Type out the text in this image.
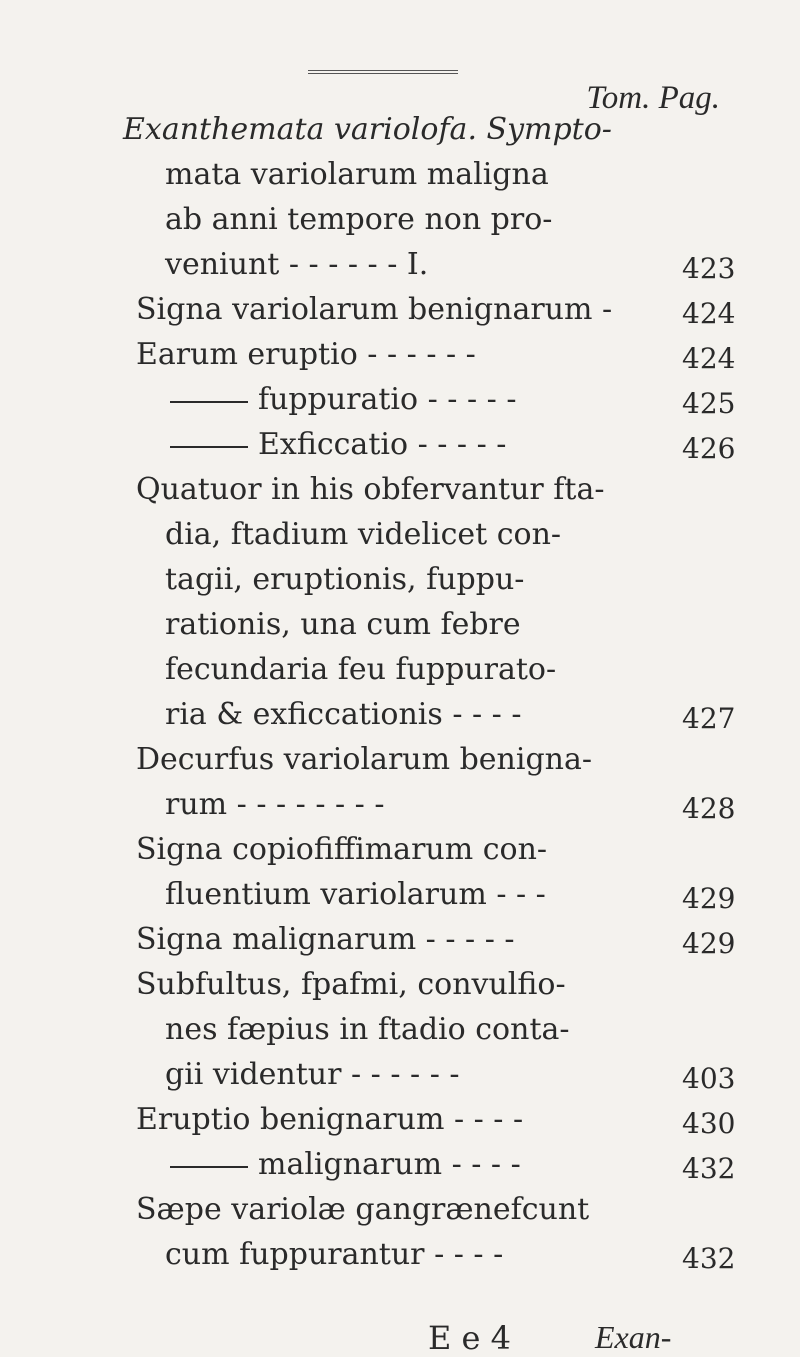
Tom. Pag.
Exanthemata variolofa. Sympto-
mata variolarum maligna
ab anni tempore non pro-
veniunt - - - - - - I.	423
Signa variolarum benignarum - 424
Earum eruptio - - - - - -	424
fuppuratio - - - - -	425
Exficcatio - - - - -	426
Quatuor in his obfervantur fta-
dia, ftadium videlicet con-
tagii, eruptionis, fuppu-
rationis, una cum febre
fecundaria feu fuppurato-
ria & exficcationis - - - -	427
Decurfus variolarum benigna-
rum - - - - - - - -	428
Signa copiofiffimarum con-
fluentium variolarum - - -	429
Signa malignarum - - - - -	429
Subfultus, fpafmi, convulfio-
nes fæpius in ftadio conta-
gii videntur - - - - - -	403
Eruptio benignarum - - - -	430
malignarum - - - -	432
Sæpe variolæ gangrænefcunt
cum fuppurantur - - - -	432
E e 4	Exan-
